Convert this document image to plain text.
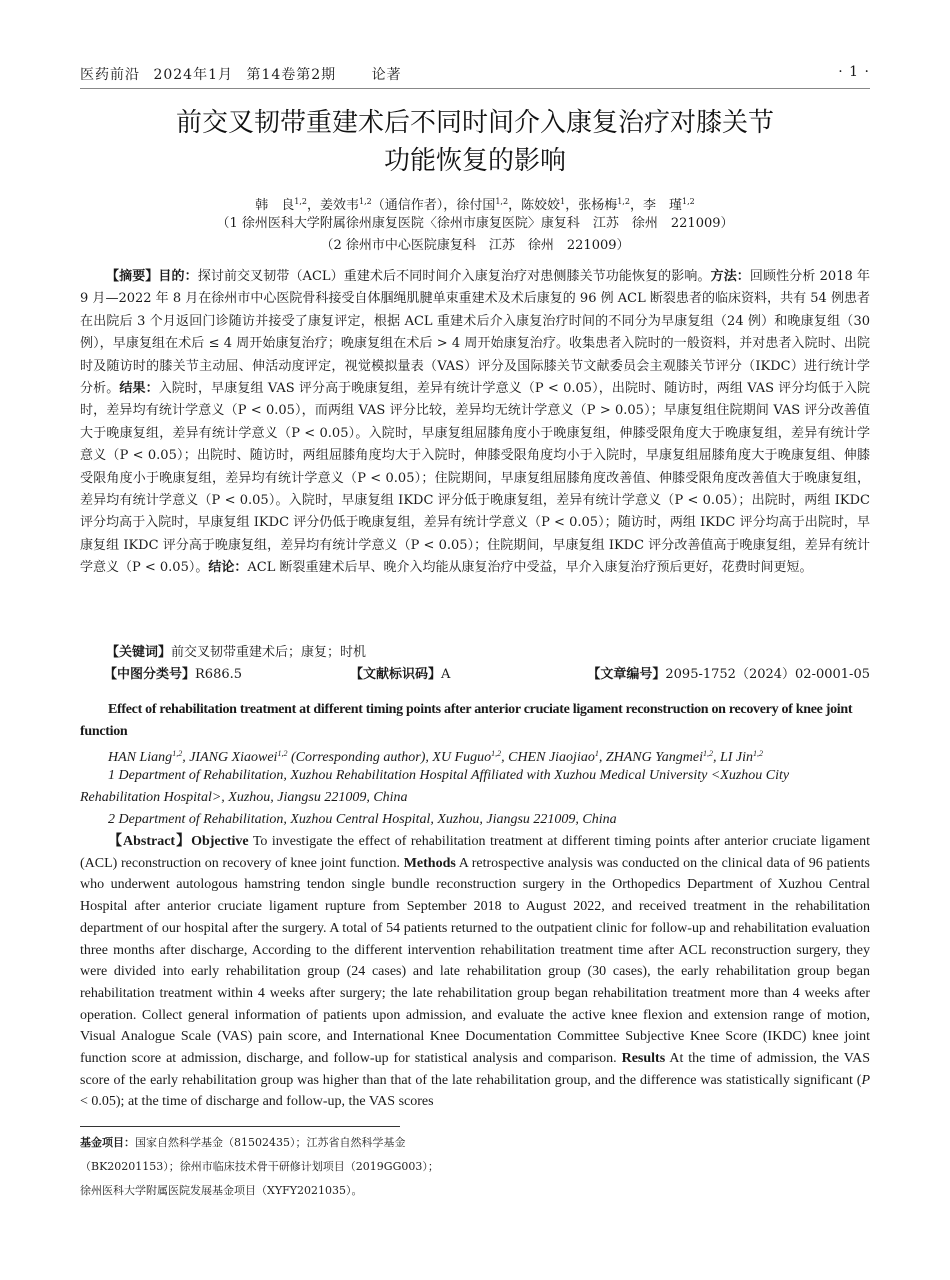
医药前沿 2024年1月 第14卷第2期	论著	· 1 ·
前交叉韧带重建术后不同时间介入康复治疗对膝关节
功能恢复的影响
韩　良$^{1,2}$，姜效韦$^{1,2}$（通信作者），徐付国$^{1,2}$，陈姣姣$^1$，张杨梅$^{1,2}$，李　瑾$^{1,2}$
（1 徐州医科大学附属徐州康复医院〈徐州市康复医院〉康复科　江苏　徐州　221009）
（2 徐州市中心医院康复科　江苏　徐州　221009）
【摘要】目的：探讨前交叉韧带（ACL）重建术后不同时间介入康复治疗对患侧膝关节功能恢复的影响。方法：回顾性分析 2018 年 9 月—2022 年 8 月在徐州市中心医院骨科接受自体腘绳肌腱单束重建术及术后康复的 96 例 ACL 断裂患者的临床资料，共有 54 例患者在出院后 3 个月返回门诊随访并接受了康复评定，根据 ACL 重建术后介入康复治疗时间的不同分为早康复组（24 例）和晚康复组（30 例），早康复组在术后 ≤ 4 周开始康复治疗；晚康复组在术后 > 4 周开始康复治疗。收集患者入院时的一般资料，并对患者入院时、出院时及随访时的膝关节主动屈、伸活动度评定，视觉模拟量表（VAS）评分及国际膝关节文献委员会主观膝关节评分（IKDC）进行统计学分析。结果：入院时，早康复组 VAS 评分高于晚康复组，差异有统计学意义（P < 0.05），出院时、随访时，两组 VAS 评分均低于入院时，差异均有统计学意义（P < 0.05），而两组 VAS 评分比较，差异均无统计学意义（P > 0.05）；早康复组住院期间 VAS 评分改善值大于晚康复组，差异有统计学意义（P < 0.05）。入院时，早康复组屈膝角度小于晚康复组，伸膝受限角度大于晚康复组，差异有统计学意义（P < 0.05）；出院时、随访时，两组屈膝角度均大于入院时，伸膝受限角度均小于入院时，早康复组屈膝角度大于晚康复组、伸膝受限角度小于晚康复组，差异均有统计学意义（P < 0.05）；住院期间，早康复组屈膝角度改善值、伸膝受限角度改善值大于晚康复组，差异均有统计学意义（P < 0.05）。入院时，早康复组 IKDC 评分低于晚康复组，差异有统计学意义（P < 0.05）；出院时，两组 IKDC 评分均高于入院时，早康复组 IKDC 评分仍低于晚康复组，差异有统计学意义（P < 0.05）；随访时，两组 IKDC 评分均高于出院时，早康复组 IKDC 评分高于晚康复组，差异均有统计学意义（P < 0.05）；住院期间，早康复组 IKDC 评分改善值高于晚康复组，差异有统计学意义（P < 0.05）。结论：ACL 断裂重建术后早、晚介入均能从康复治疗中受益，早介入康复治疗预后更好，花费时间更短。
【关键词】前交叉韧带重建术后；康复；时机
【中图分类号】R686.5	【文献标识码】A	【文章编号】2095-1752（2024）02-0001-05
Effect of rehabilitation treatment at different timing points after anterior cruciate ligament reconstruction on recovery of knee joint function
HAN Liang$^{1,2}$, JIANG Xiaowei$^{1,2}$ (Corresponding author), XU Fuguo$^{1,2}$, CHEN Jiaojiao$^1$, ZHANG Yangmei$^{1,2}$, LI Jin$^{1,2}$
1 Department of Rehabilitation, Xuzhou Rehabilitation Hospital Affiliated with Xuzhou Medical University <Xuzhou City Rehabilitation Hospital>, Xuzhou, Jiangsu 221009, China
2 Department of Rehabilitation, Xuzhou Central Hospital, Xuzhou, Jiangsu 221009, China
【Abstract】Objective To investigate the effect of rehabilitation treatment at different timing points after anterior cruciate ligament (ACL) reconstruction on recovery of knee joint function. Methods A retrospective analysis was conducted on the clinical data of 96 patients who underwent autologous hamstring tendon single bundle reconstruction surgery in the Orthopedics Department of Xuzhou Central Hospital after anterior cruciate ligament rupture from September 2018 to August 2022, and received treatment in the rehabilitation department of our hospital after the surgery. A total of 54 patients returned to the outpatient clinic for follow-up and rehabilitation evaluation three months after discharge, According to the different intervention rehabilitation treatment time after ACL reconstruction surgery, they were divided into early rehabilitation group (24 cases) and late rehabilitation group (30 cases), the early rehabilitation group began rehabilitation treatment within 4 weeks after surgery; the late rehabilitation group began rehabilitation treatment more than 4 weeks after operation. Collect general information of patients upon admission, and evaluate the active knee flexion and extension range of motion, Visual Analogue Scale (VAS) pain score, and International Knee Documentation Committee Subjective Knee Score (IKDC) knee joint function score at admission, discharge, and follow-up for statistical analysis and comparison. Results At the time of admission, the VAS score of the early rehabilitation group was higher than that of the late rehabilitation group, and the difference was statistically significant (P < 0.05); at the time of discharge and follow-up, the VAS scores
基金项目：国家自然科学基金（81502435）；江苏省自然科学基金
（BK20201153）；徐州市临床技术骨干研修计划项目（2019GG003）；
徐州医科大学附属医院发展基金项目（XYFY2021035）。
